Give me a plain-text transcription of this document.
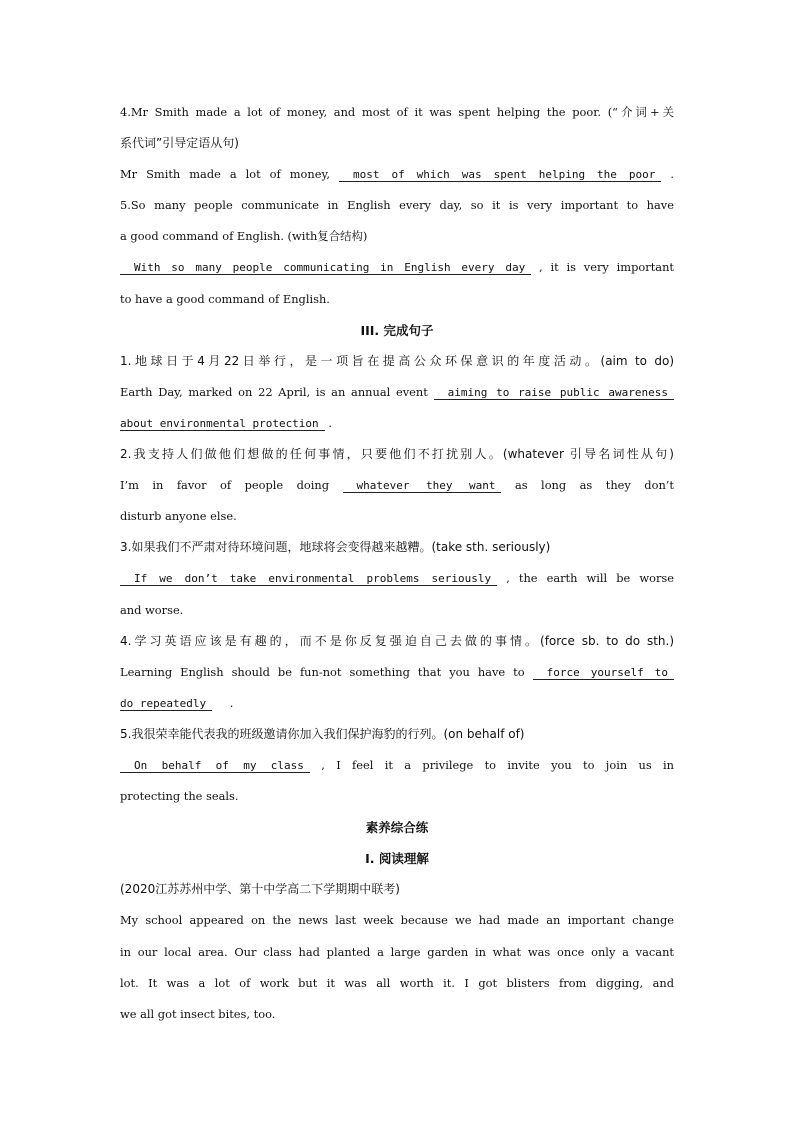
4.Mr Smith made a lot of money, and most of it was spent helping the poor. (“介词+关
系代词”引导定语从句)
Mr Smith made a lot of money, most of which was spent helping the poor .
5.So many people communicate in English every day, so it is very important to have
a good command of English. (with复合结构)
With so many people communicating in English every day , it is very important
to have a good command of English.
III. 完成句子
1.地球日于4月22日举行，是一项旨在提高公众环保意识的年度活动。(aim to do)
Earth Day, marked on 22 April, is an annual event aiming to raise public awareness
about environmental protection .
2.我支持人们做他们想做的任何事情，只要他们不打扰别人。(whatever 引导名词性从句)
I’m in favor of people doing whatever they want as long as they don’t
disturb anyone else.
3.如果我们不严肃对待环境问题，地球将会变得越来越糟。(take sth. seriously)
If we don’t take environmental problems seriously , the earth will be worse
and worse.
4.学习英语应该是有趣的，而不是你反复强迫自己去做的事情。(force sb. to do sth.)
Learning English should be fun-not something that you have to force yourself to
do repeatedly .
5.我很荣幸能代表我的班级邀请你加入我们保护海豹的行列。(on behalf of)
On behalf of my class , I feel it a privilege to invite you to join us in
protecting the seals.
素养综合练
I. 阅读理解
(2020江苏苏州中学、第十中学高二下学期期中联考)
My school appeared on the news last week because we had made an important change
in our local area. Our class had planted a large garden in what was once only a vacant
lot. It was a lot of work but it was all worth it. I got blisters from digging, and
we all got insect bites, too.
